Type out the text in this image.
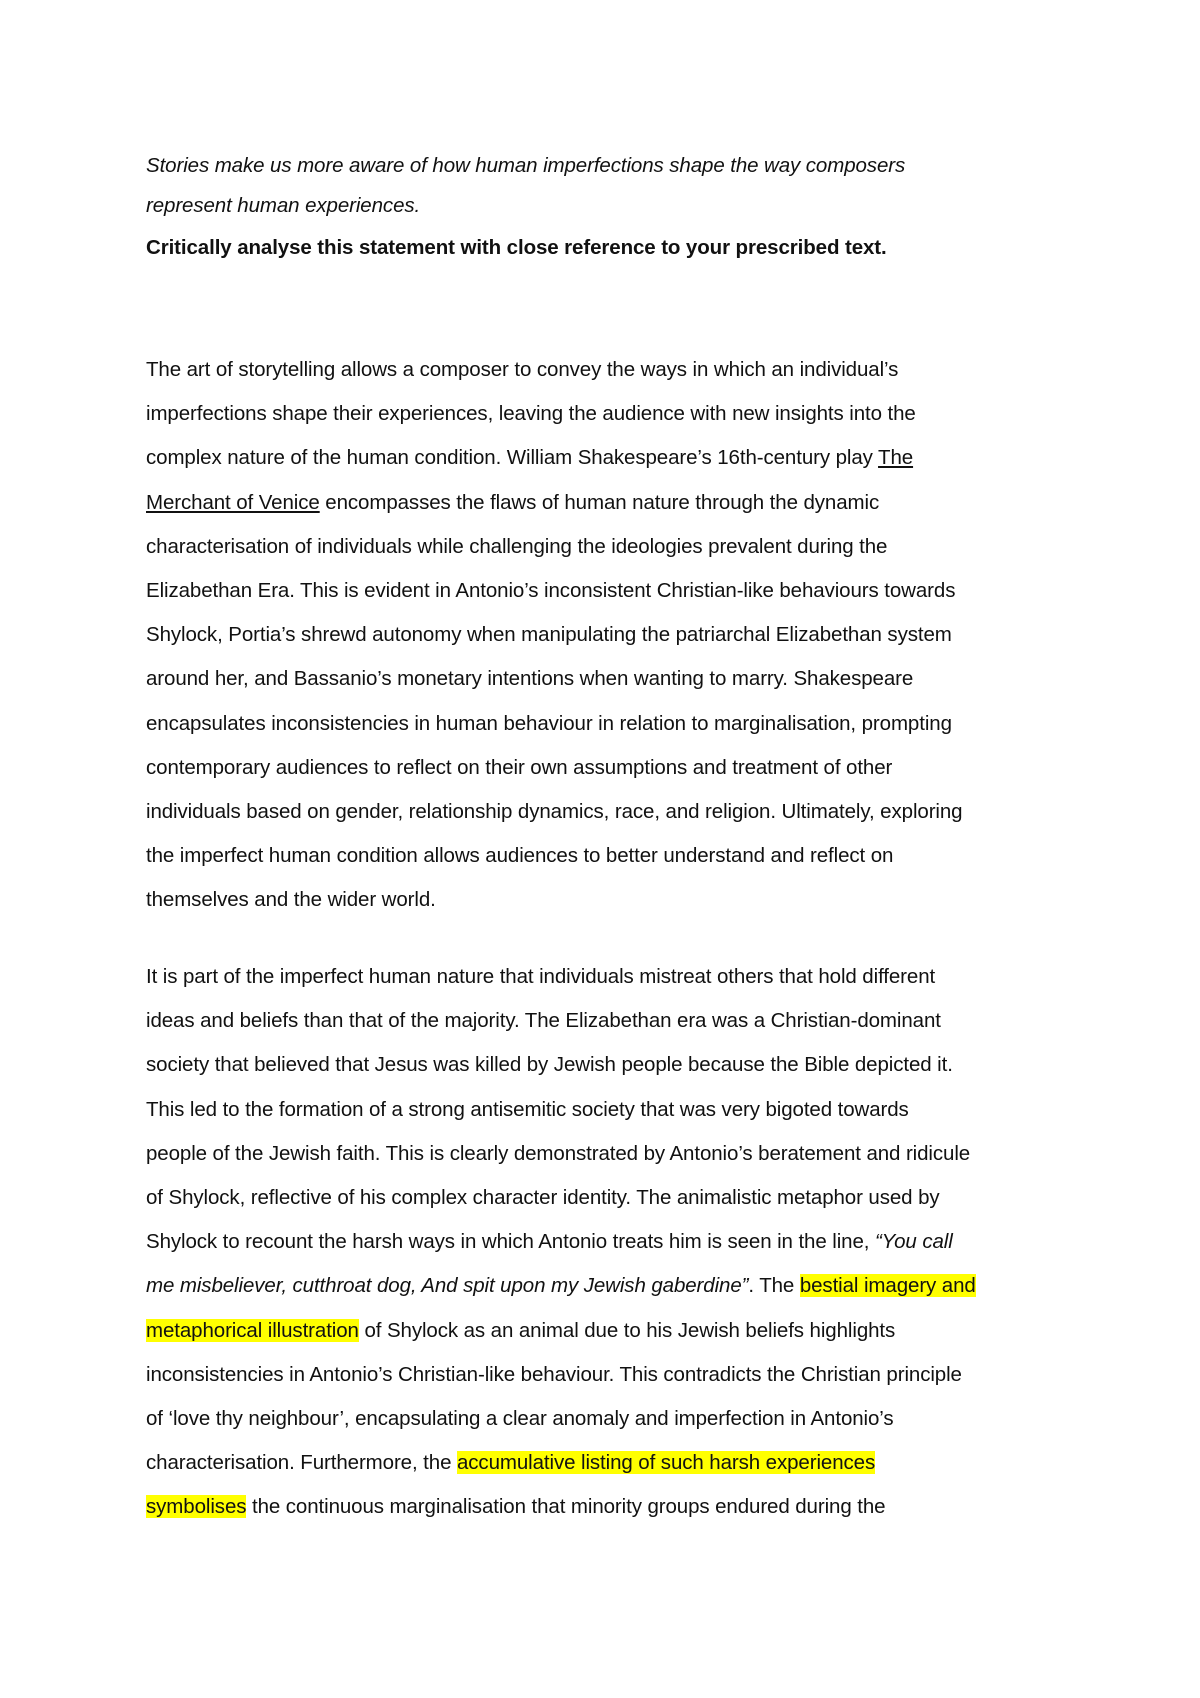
Stories make us more aware of how human imperfections shape the way composers
represent human experiences.
Critically analyse this statement with close reference to your prescribed text.
The art of storytelling allows a composer to convey the ways in which an individual’s
imperfections shape their experiences, leaving the audience with new insights into the
complex nature of the human condition. William Shakespeare’s 16th-century play The
Merchant of Venice encompasses the flaws of human nature through the dynamic
characterisation of individuals while challenging the ideologies prevalent during the
Elizabethan Era. This is evident in Antonio’s inconsistent Christian-like behaviours towards
Shylock, Portia’s shrewd autonomy when manipulating the patriarchal Elizabethan system
around her, and Bassanio’s monetary intentions when wanting to marry. Shakespeare
encapsulates inconsistencies in human behaviour in relation to marginalisation, prompting
contemporary audiences to reflect on their own assumptions and treatment of other
individuals based on gender, relationship dynamics, race, and religion. Ultimately, exploring
the imperfect human condition allows audiences to better understand and reflect on
themselves and the wider world.
It is part of the imperfect human nature that individuals mistreat others that hold different
ideas and beliefs than that of the majority. The Elizabethan era was a Christian-dominant
society that believed that Jesus was killed by Jewish people because the Bible depicted it.
This led to the formation of a strong antisemitic society that was very bigoted towards
people of the Jewish faith. This is clearly demonstrated by Antonio’s beratement and ridicule
of Shylock, reflective of his complex character identity. The animalistic metaphor used by
Shylock to recount the harsh ways in which Antonio treats him is seen in the line, “You call
me misbeliever, cutthroat dog, And spit upon my Jewish gaberdine”. The bestial imagery and
metaphorical illustration of Shylock as an animal due to his Jewish beliefs highlights
inconsistencies in Antonio’s Christian-like behaviour. This contradicts the Christian principle
of ‘love thy neighbour’, encapsulating a clear anomaly and imperfection in Antonio’s
characterisation. Furthermore, the accumulative listing of such harsh experiences
symbolises the continuous marginalisation that minority groups endured during the
